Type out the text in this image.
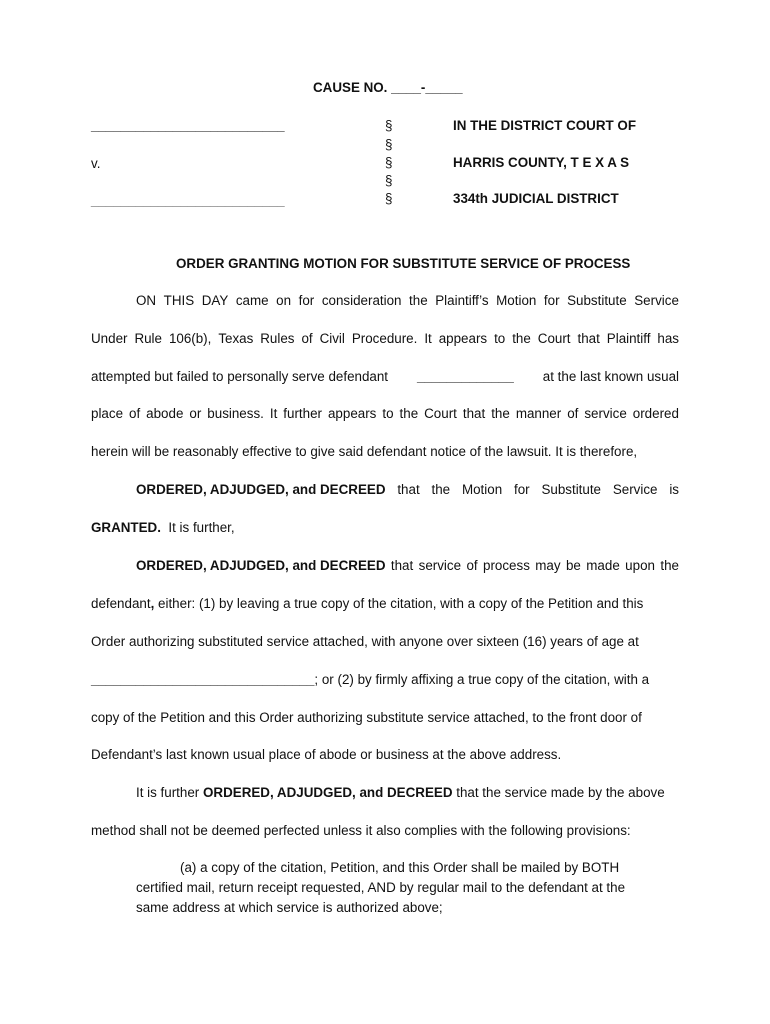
CAUSE NO. ____-_____
__________________________
v.
__________________________
§
§
§
§
§
IN THE DISTRICT COURT OF
HARRIS COUNTY, T E X A S
334th JUDICIAL DISTRICT
ORDER GRANTING MOTION FOR SUBSTITUTE SERVICE OF PROCESS
ON THIS DAY came on for consideration the Plaintiff’s Motion for Substitute Service
Under Rule 106(b), Texas Rules of Civil Procedure. It appears to the Court that Plaintiff has
attempted but failed to personally serve defendant _____________ at the last known usual
place of abode or business. It further appears to the Court that the manner of service ordered
herein will be reasonably effective to give said defendant notice of the lawsuit. It is therefore,
ORDERED, ADJUDGED, and DECREED that the Motion for Substitute Service is
GRANTED. It is further,
ORDERED, ADJUDGED, and DECREED that service of process may be made upon the
defendant, either: (1) by leaving a true copy of the citation, with a copy of the Petition and this
Order authorizing substituted service attached, with anyone over sixteen (16) years of age at
______________________________; or (2) by firmly affixing a true copy of the citation, with a
copy of the Petition and this Order authorizing substitute service attached, to the front door of
Defendant’s last known usual place of abode or business at the above address.
It is further ORDERED, ADJUDGED, and DECREED that the service made by the above
method shall not be deemed perfected unless it also complies with the following provisions:
(a) a copy of the citation, Petition, and this Order shall be mailed by BOTH
certified mail, return receipt requested, AND by regular mail to the defendant at the
same address at which service is authorized above;
